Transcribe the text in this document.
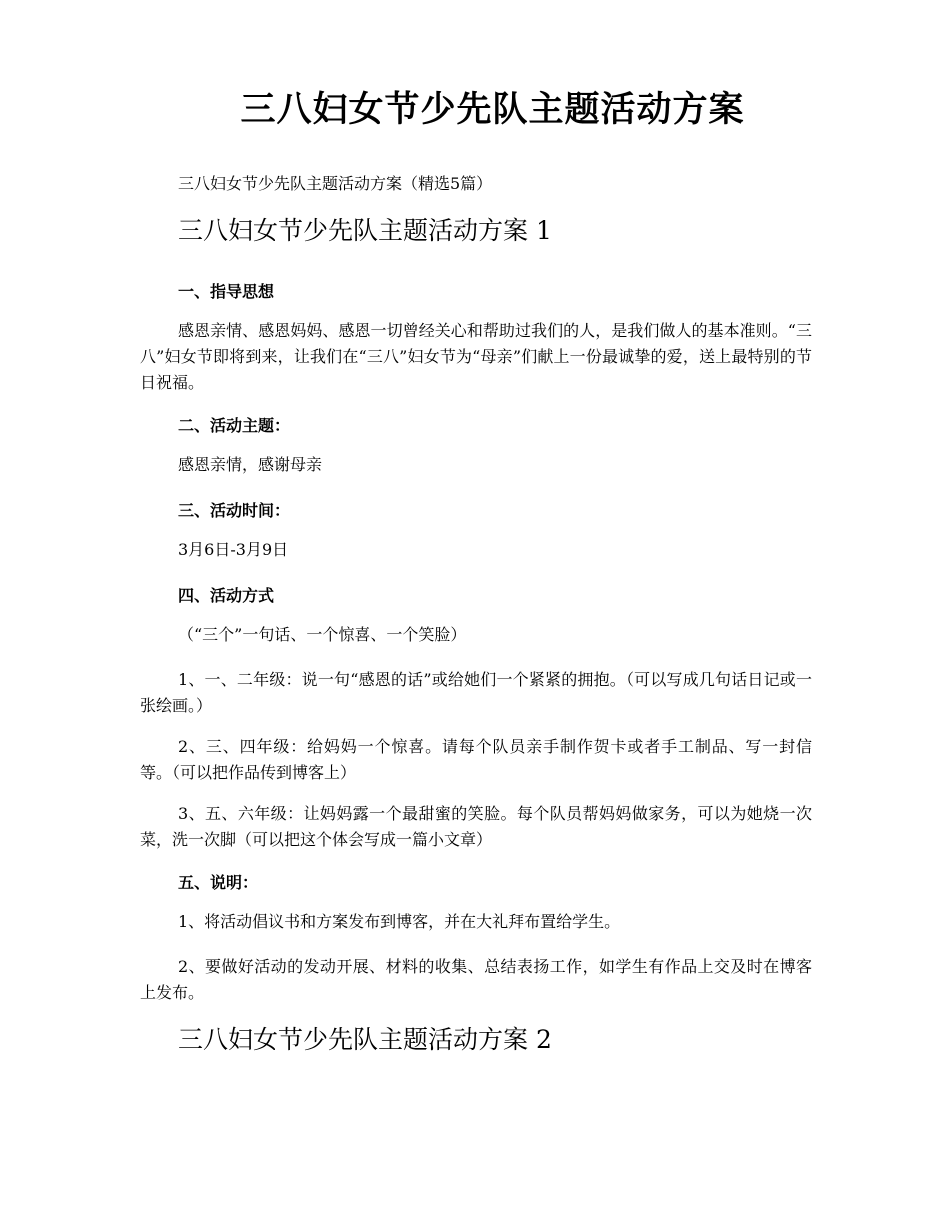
三八妇女节少先队主题活动方案

三八妇女节少先队主题活动方案（精选5篇）

三八妇女节少先队主题活动方案 1
一、指导思想

感恩亲情、感恩妈妈、感恩一切曾经关心和帮助过我们的人，是我们做人的基本准则。“三八”妇女节即将到来，让我们在“三八”妇女节为“母亲”们献上一份最诚挚的爱，送上最特别的节日祝福。

二、活动主题：

感恩亲情，感谢母亲

三、活动时间：

3月6日-3月9日

四、活动方式

（“三个”一句话、一个惊喜、一个笑脸）

1、一、二年级：说一句“感恩的话”或给她们一个紧紧的拥抱。（可以写成几句话日记或一张绘画。）

2、三、四年级：给妈妈一个惊喜。请每个队员亲手制作贺卡或者手工制品、写一封信等。（可以把作品传到博客上）

3、五、六年级：让妈妈露一个最甜蜜的笑脸。每个队员帮妈妈做家务，可以为她烧一次菜，洗一次脚（可以把这个体会写成一篇小文章）

五、说明：

1、将活动倡议书和方案发布到博客，并在大礼拜布置给学生。

2、要做好活动的发动开展、材料的收集、总结表扬工作，如学生有作品上交及时在博客上发布。

三八妇女节少先队主题活动方案 2
